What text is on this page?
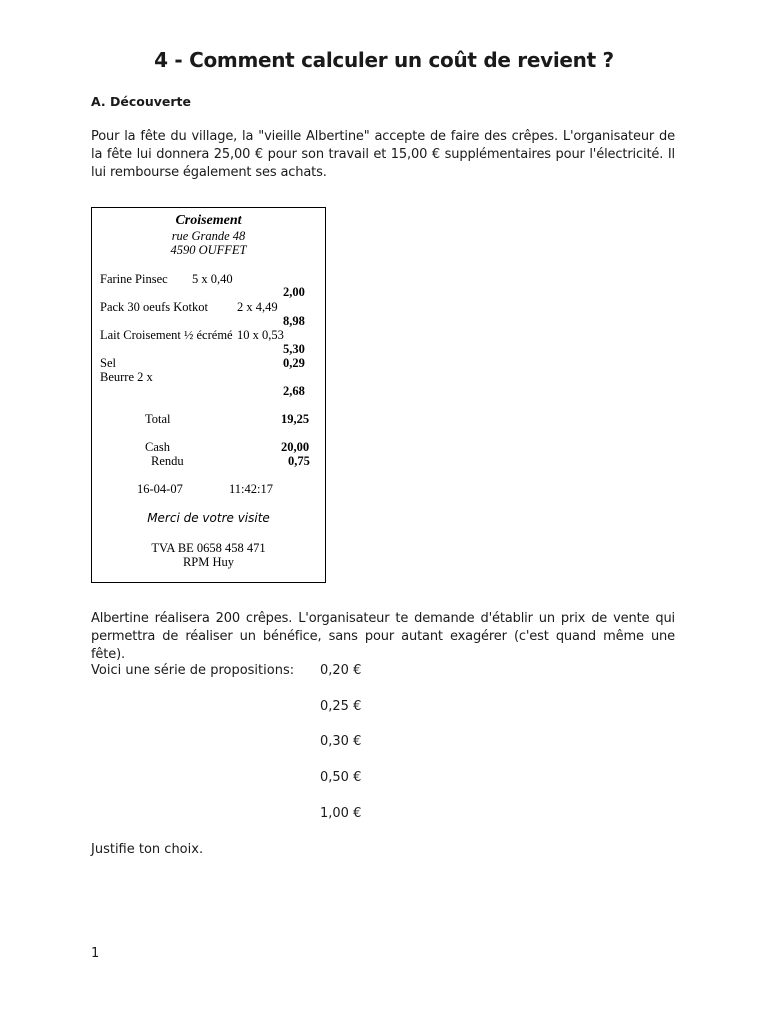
4 - Comment calculer un coût de revient ?
A. Découverte
Pour la fête du village, la "vieille Albertine" accepte de faire des crêpes. L'organisateur de la fête lui donnera 25,00 € pour son travail et 15,00 € supplémentaires pour l'électricité. Il lui rembourse également ses achats.
Croisement
rue Grande 48
4590 OUFFET
Farine Pinsec 5 x 0,40
2,00
Pack 30 oeufs Kotkot 2 x 4,49
8,98
Lait Croisement ½ écrémé 10 x 0,53
5,30
Sel	0,29
Beurre 2 x
2,68
Total	19,25
Cash	20,00
Rendu	0,75
16-04-07	11:42:17
Merci de votre visite
TVA BE 0658 458 471
RPM Huy
Albertine réalisera 200 crêpes. L'organisateur te demande d'établir un prix de vente qui permettra de réaliser un bénéfice, sans pour autant exagérer (c'est quand même une fête).
Voici une série de propositions: 0,20 €
0,25 €
0,30 €
0,50 €
1,00 €
Justifie ton choix.
1
